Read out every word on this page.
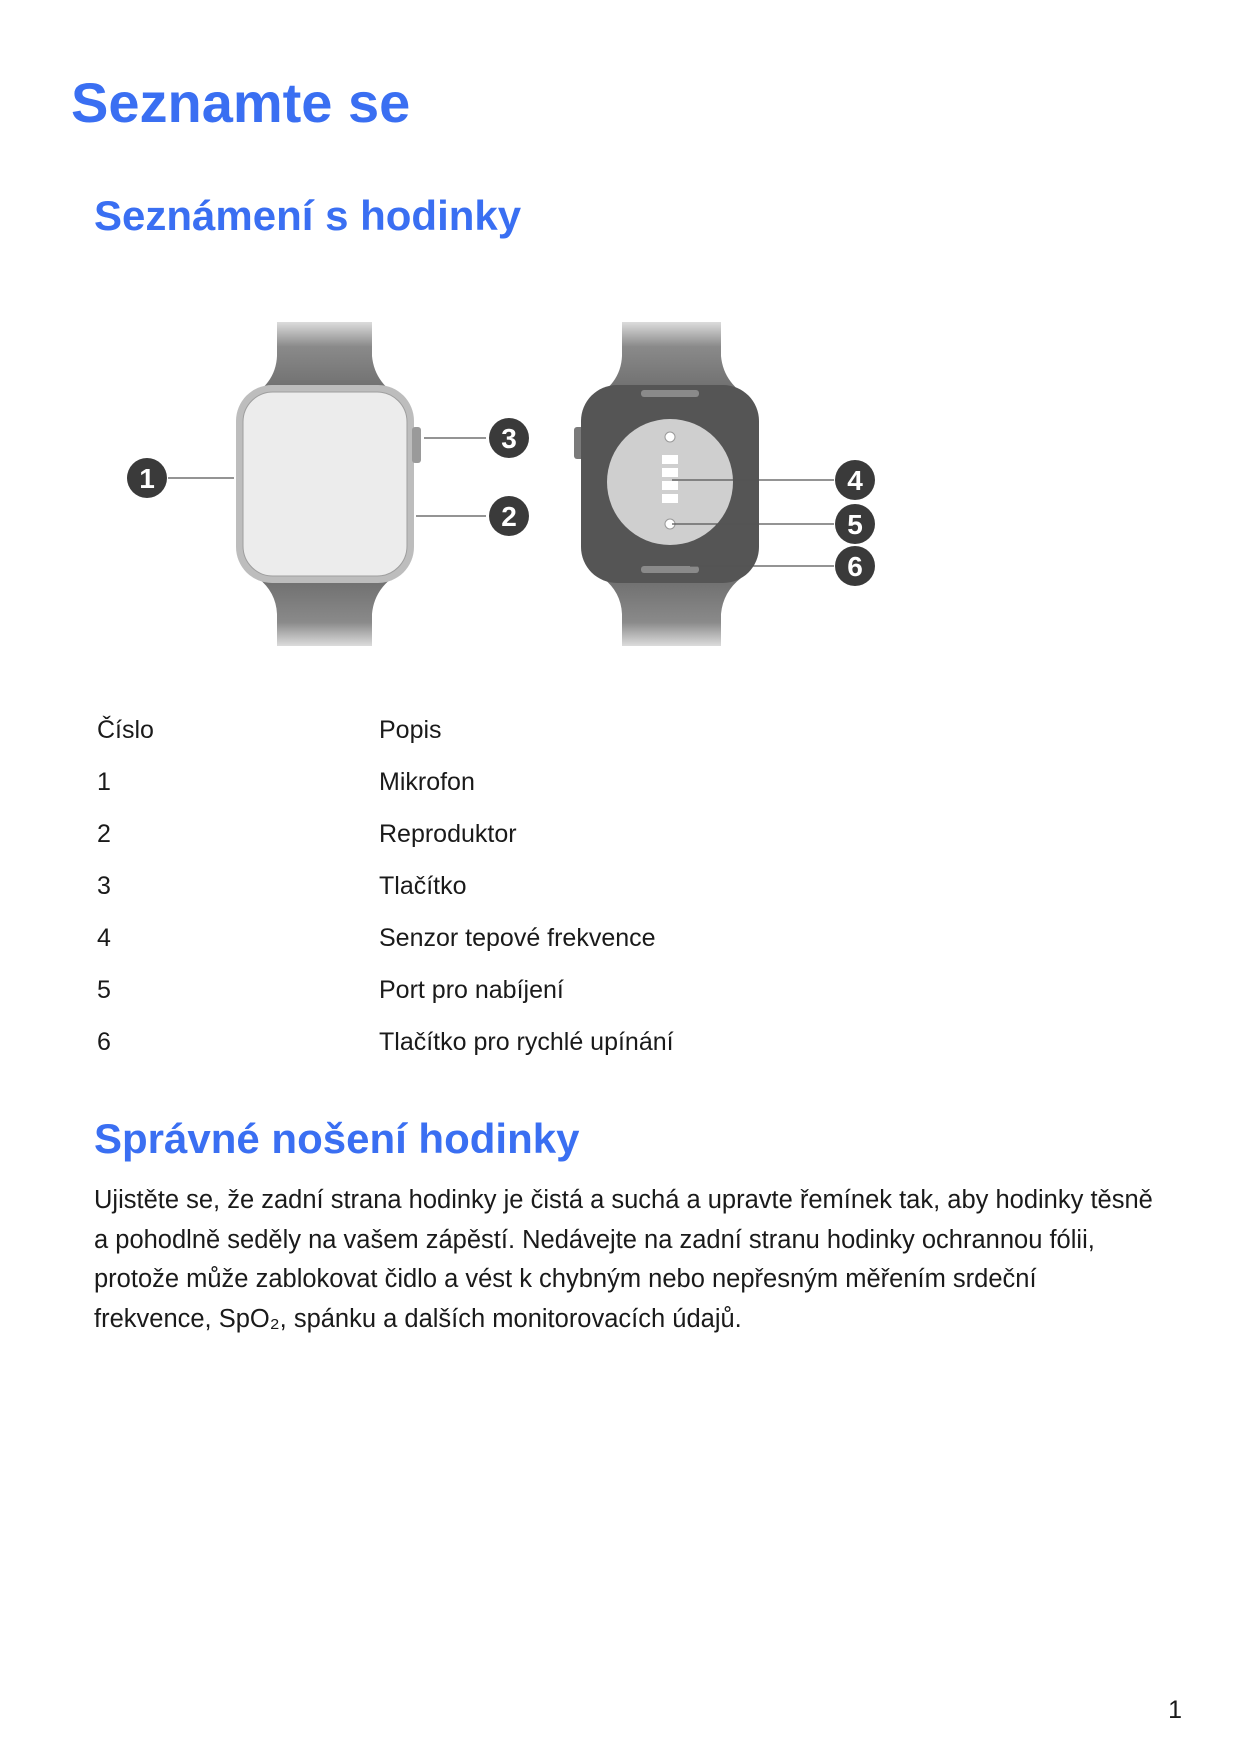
Seznamte se
Seznámení s hodinky
1
3
2
4
5
6
Číslo	Popis
1	Mikrofon
2	Reproduktor
3	Tlačítko
4	Senzor tepové frekvence
5	Port pro nabíjení
6	Tlačítko pro rychlé upínání
Správné nošení hodinky

Ujistěte se, že zadní strana hodinky je čistá a suchá a upravte řemínek tak, aby hodinky těsně a pohodlně seděly na vašem zápěstí. Nedávejte na zadní stranu hodinky ochrannou fólii, protože může zablokovat čidlo a vést k chybným nebo nepřesným měřením srdeční frekvence, SpO₂, spánku a dalších monitorovacích údajů.

1
